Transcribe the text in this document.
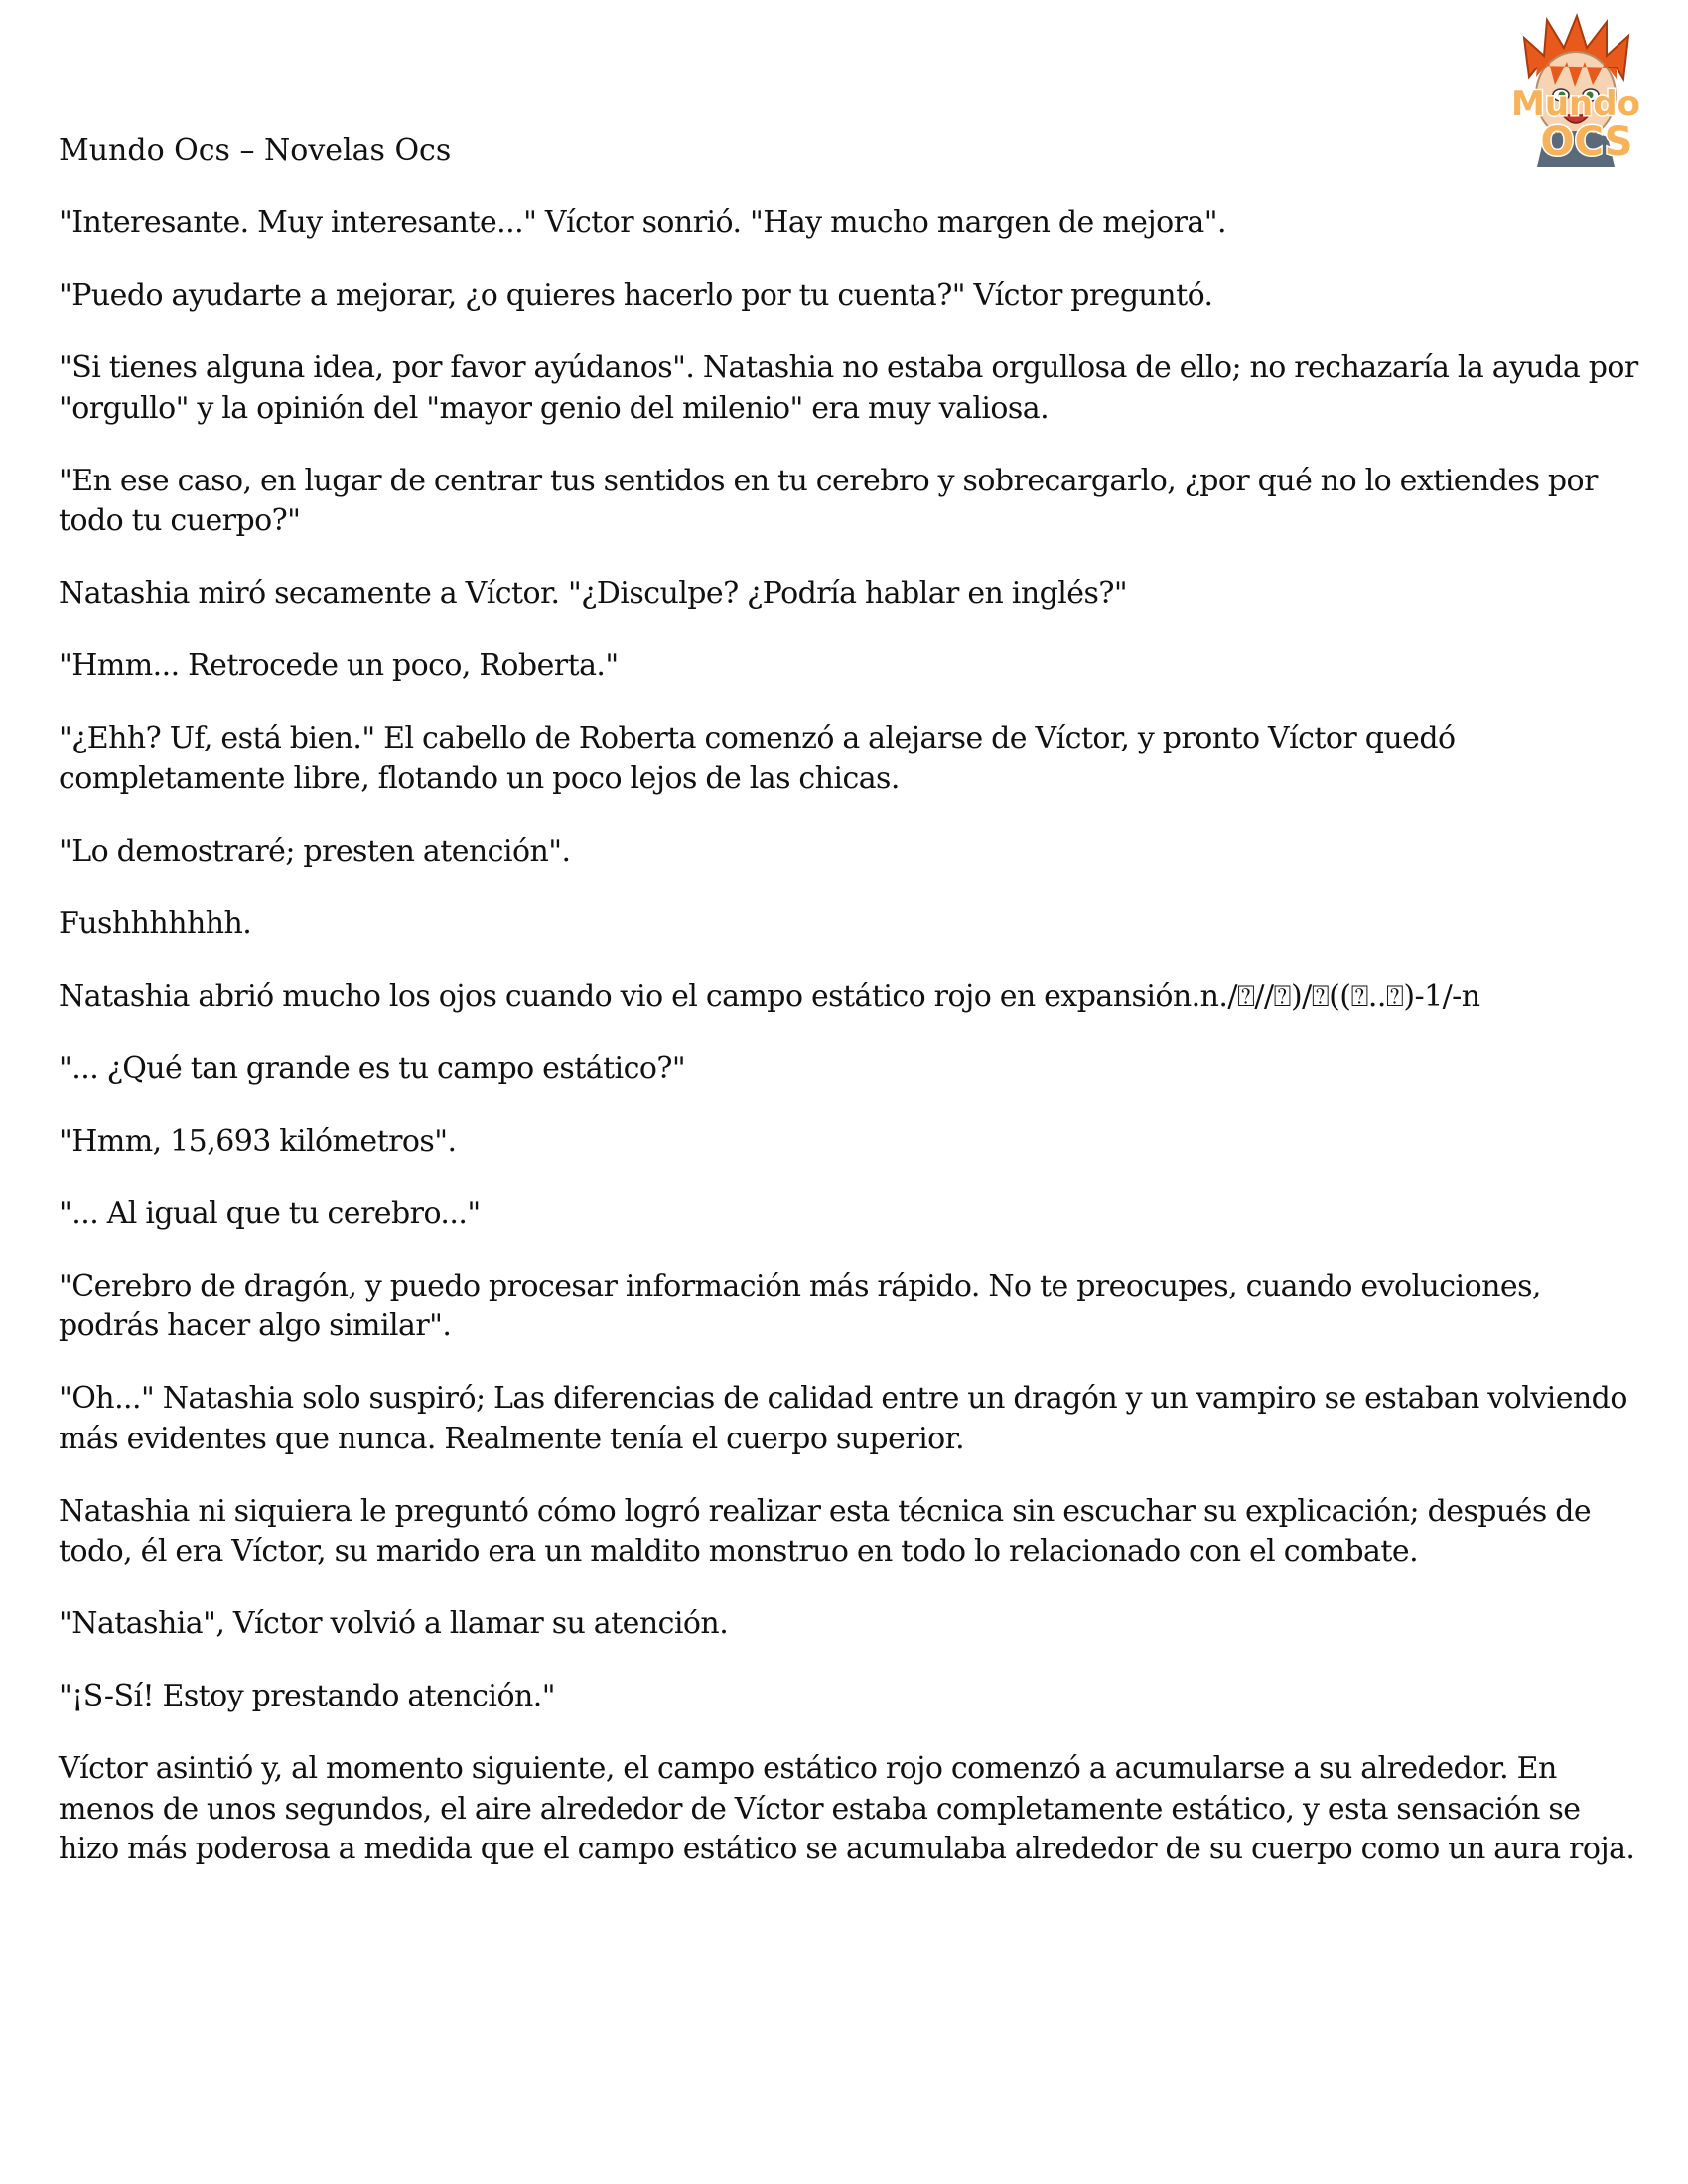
Mundo
OCS

Mundo Ocs – Novelas Ocs

"Interesante. Muy interesante..." Víctor sonrió. "Hay mucho margen de mejora".

"Puedo ayudarte a mejorar, ¿o quieres hacerlo por tu cuenta?" Víctor preguntó.

"Si tienes alguna idea, por favor ayúdanos". Natashia no estaba orgullosa de ello; no rechazaría la ayuda por "orgullo" y la opinión del "mayor genio del milenio" era muy valiosa.

"En ese caso, en lugar de centrar tus sentidos en tu cerebro y sobrecargarlo, ¿por qué no lo extiendes por todo tu cuerpo?"

Natashia miró secamente a Víctor. "¿Disculpe? ¿Podría hablar en inglés?"

"Hmm... Retrocede un poco, Roberta."

"¿Ehh? Uf, está bien." El cabello de Roberta comenzó a alejarse de Víctor, y pronto Víctor quedó completamente libre, flotando un poco lejos de las chicas.

"Lo demostraré; presten atención".

Fushhhhhhh.

Natashia abrió mucho los ojos cuando vio el campo estático rojo en expansión.n./⍰//⍰)/⍰((⍰..⍰)-1/-n

"... ¿Qué tan grande es tu campo estático?"

"Hmm, 15,693 kilómetros".

"... Al igual que tu cerebro..."

"Cerebro de dragón, y puedo procesar información más rápido. No te preocupes, cuando evoluciones, podrás hacer algo similar".

"Oh..." Natashia solo suspiró; Las diferencias de calidad entre un dragón y un vampiro se estaban volviendo más evidentes que nunca. Realmente tenía el cuerpo superior.

Natashia ni siquiera le preguntó cómo logró realizar esta técnica sin escuchar su explicación; después de todo, él era Víctor, su marido era un maldito monstruo en todo lo relacionado con el combate.

"Natashia", Víctor volvió a llamar su atención.

"¡S-Sí! Estoy prestando atención."

Víctor asintió y, al momento siguiente, el campo estático rojo comenzó a acumularse a su alrededor. En menos de unos segundos, el aire alrededor de Víctor estaba completamente estático, y esta sensación se hizo más poderosa a medida que el campo estático se acumulaba alrededor de su cuerpo como un aura roja.
